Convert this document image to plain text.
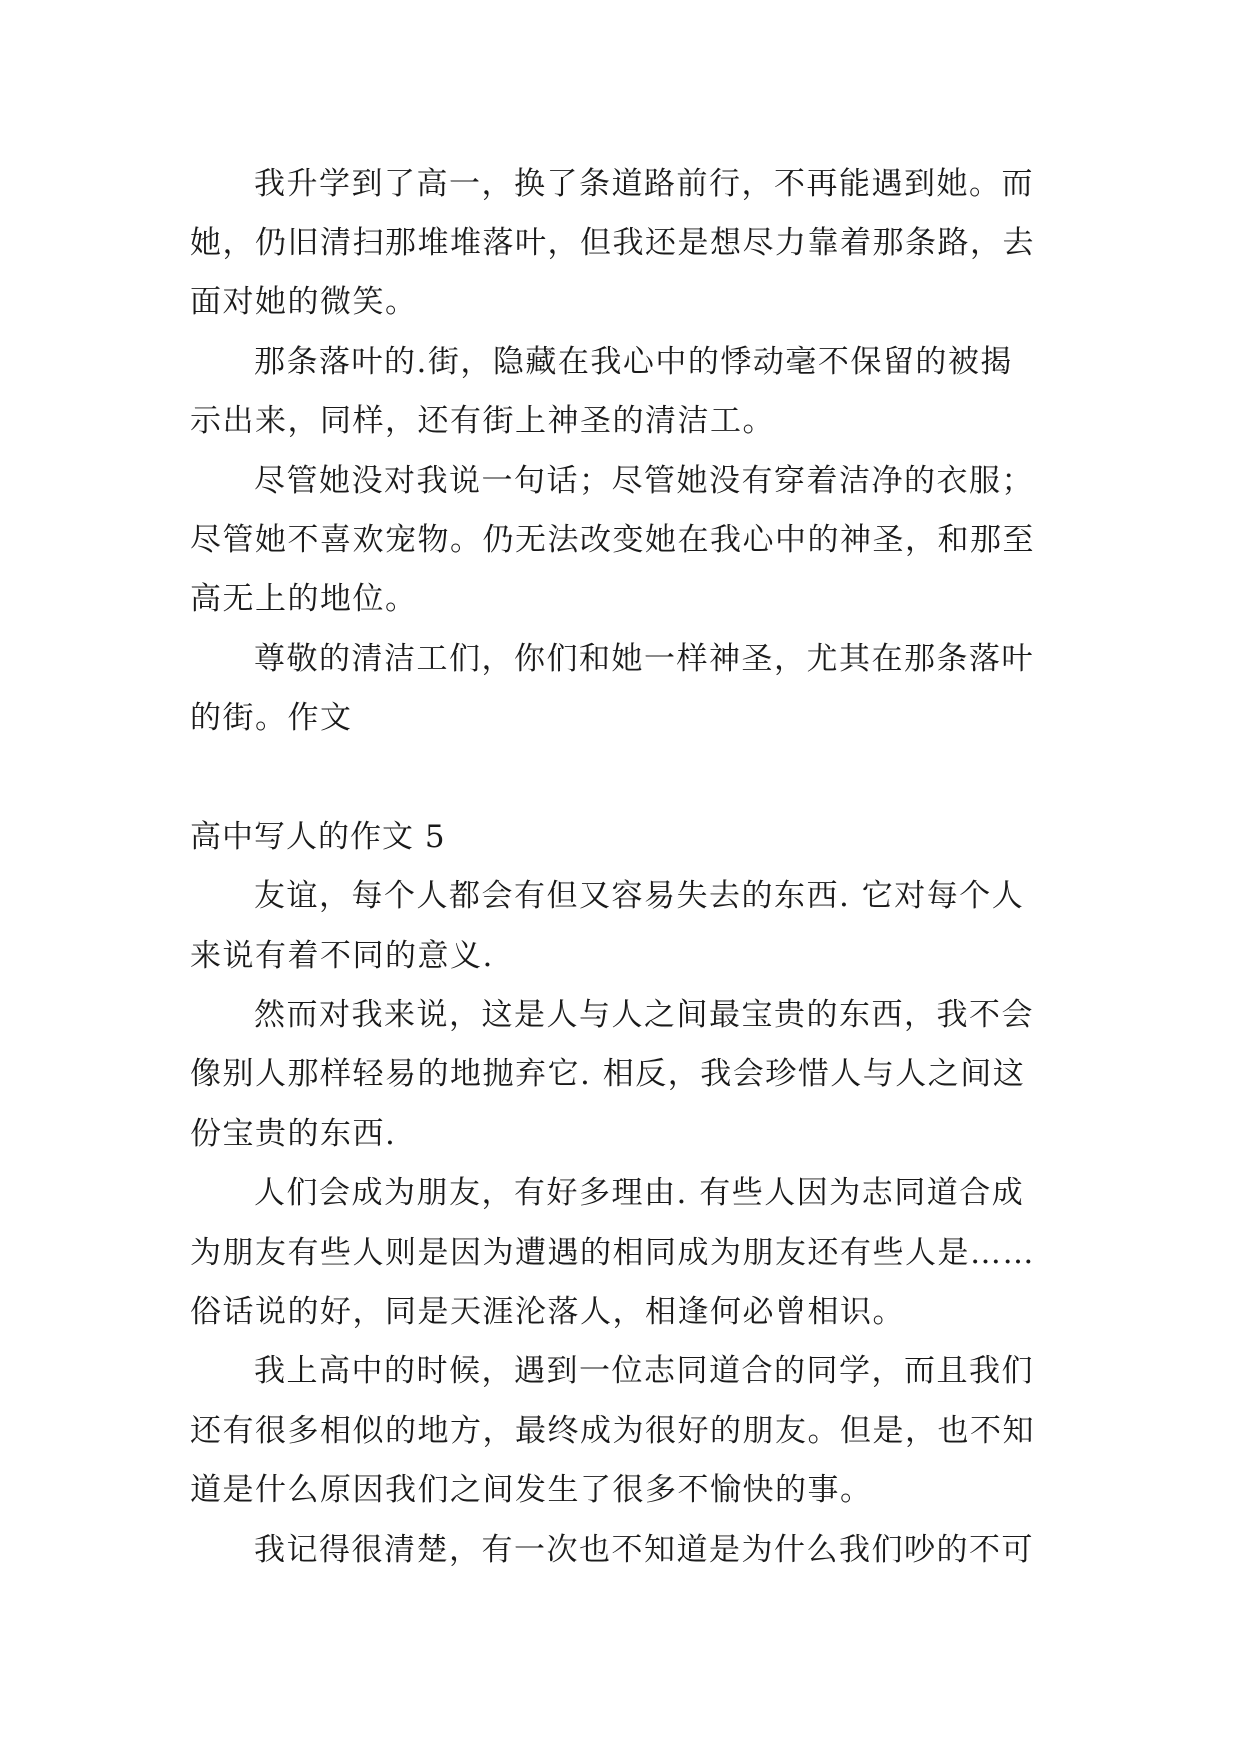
我升学到了高一，换了条道路前行，不再能遇到她。而
她，仍旧清扫那堆堆落叶，但我还是想尽力靠着那条路，去
面对她的微笑。
那条落叶的.街，隐藏在我心中的悸动毫不保留的被揭
示出来，同样，还有街上神圣的清洁工。
尽管她没对我说一句话；尽管她没有穿着洁净的衣服；
尽管她不喜欢宠物。仍无法改变她在我心中的神圣，和那至
高无上的地位。
尊敬的清洁工们，你们和她一样神圣，尤其在那条落叶
的街。作文
高中写人的作文 5
友谊，每个人都会有但又容易失去的东西. 它对每个人
来说有着不同的意义.
然而对我来说，这是人与人之间最宝贵的东西，我不会
像别人那样轻易的地抛弃它. 相反，我会珍惜人与人之间这
份宝贵的东西.
人们会成为朋友，有好多理由. 有些人因为志同道合成
为朋友有些人则是因为遭遇的相同成为朋友还有些人是……
俗话说的好，同是天涯沦落人，相逢何必曾相识。
我上高中的时候，遇到一位志同道合的同学，而且我们
还有很多相似的地方，最终成为很好的朋友。但是，也不知
道是什么原因我们之间发生了很多不愉快的事。
我记得很清楚，有一次也不知道是为什么我们吵的不可
